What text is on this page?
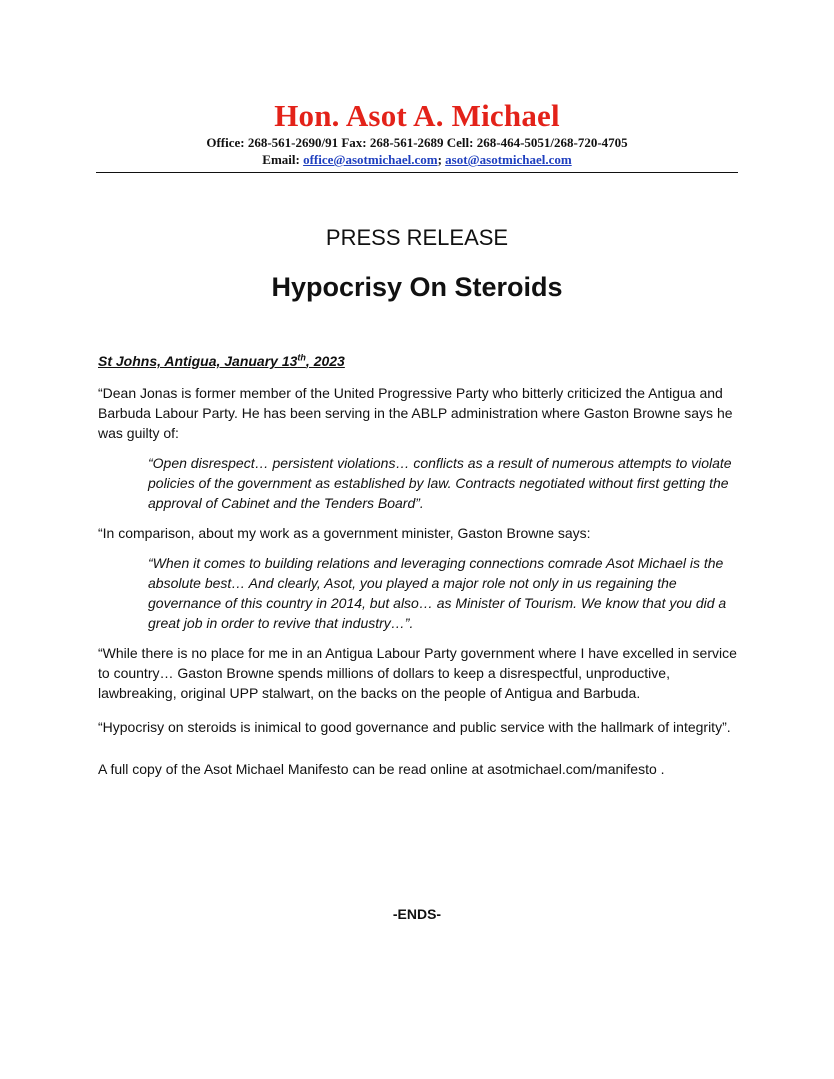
Hon. Asot A. Michael
Office: 268-561-2690/91 Fax: 268-561-2689 Cell: 268-464-5051/268-720-4705
Email: office@asotmichael.com; asot@asotmichael.com
PRESS RELEASE
Hypocrisy On Steroids

St Johns, Antigua, January 13th, 2023

“Dean Jonas is former member of the United Progressive Party who bitterly criticized the Antigua and Barbuda Labour Party. He has been serving in the ABLP administration where Gaston Browne says he was guilty of:

“Open disrespect… persistent violations… conflicts as a result of numerous attempts to violate policies of the government as established by law. Contracts negotiated without first getting the approval of Cabinet and the Tenders Board”.

“In comparison, about my work as a government minister, Gaston Browne says:

“When it comes to building relations and leveraging connections comrade Asot Michael is the absolute best… And clearly, Asot, you played a major role not only in us regaining the governance of this country in 2014, but also… as Minister of Tourism. We know that you did a great job in order to revive that industry…”.

“While there is no place for me in an Antigua Labour Party government where I have excelled in service to country… Gaston Browne spends millions of dollars to keep a disrespectful, unproductive, lawbreaking, original UPP stalwart, on the backs on the people of Antigua and Barbuda.

“Hypocrisy on steroids is inimical to good governance and public service with the hallmark of integrity”.

A full copy of the Asot Michael Manifesto can be read online at asotmichael.com/manifesto .

-ENDS-
